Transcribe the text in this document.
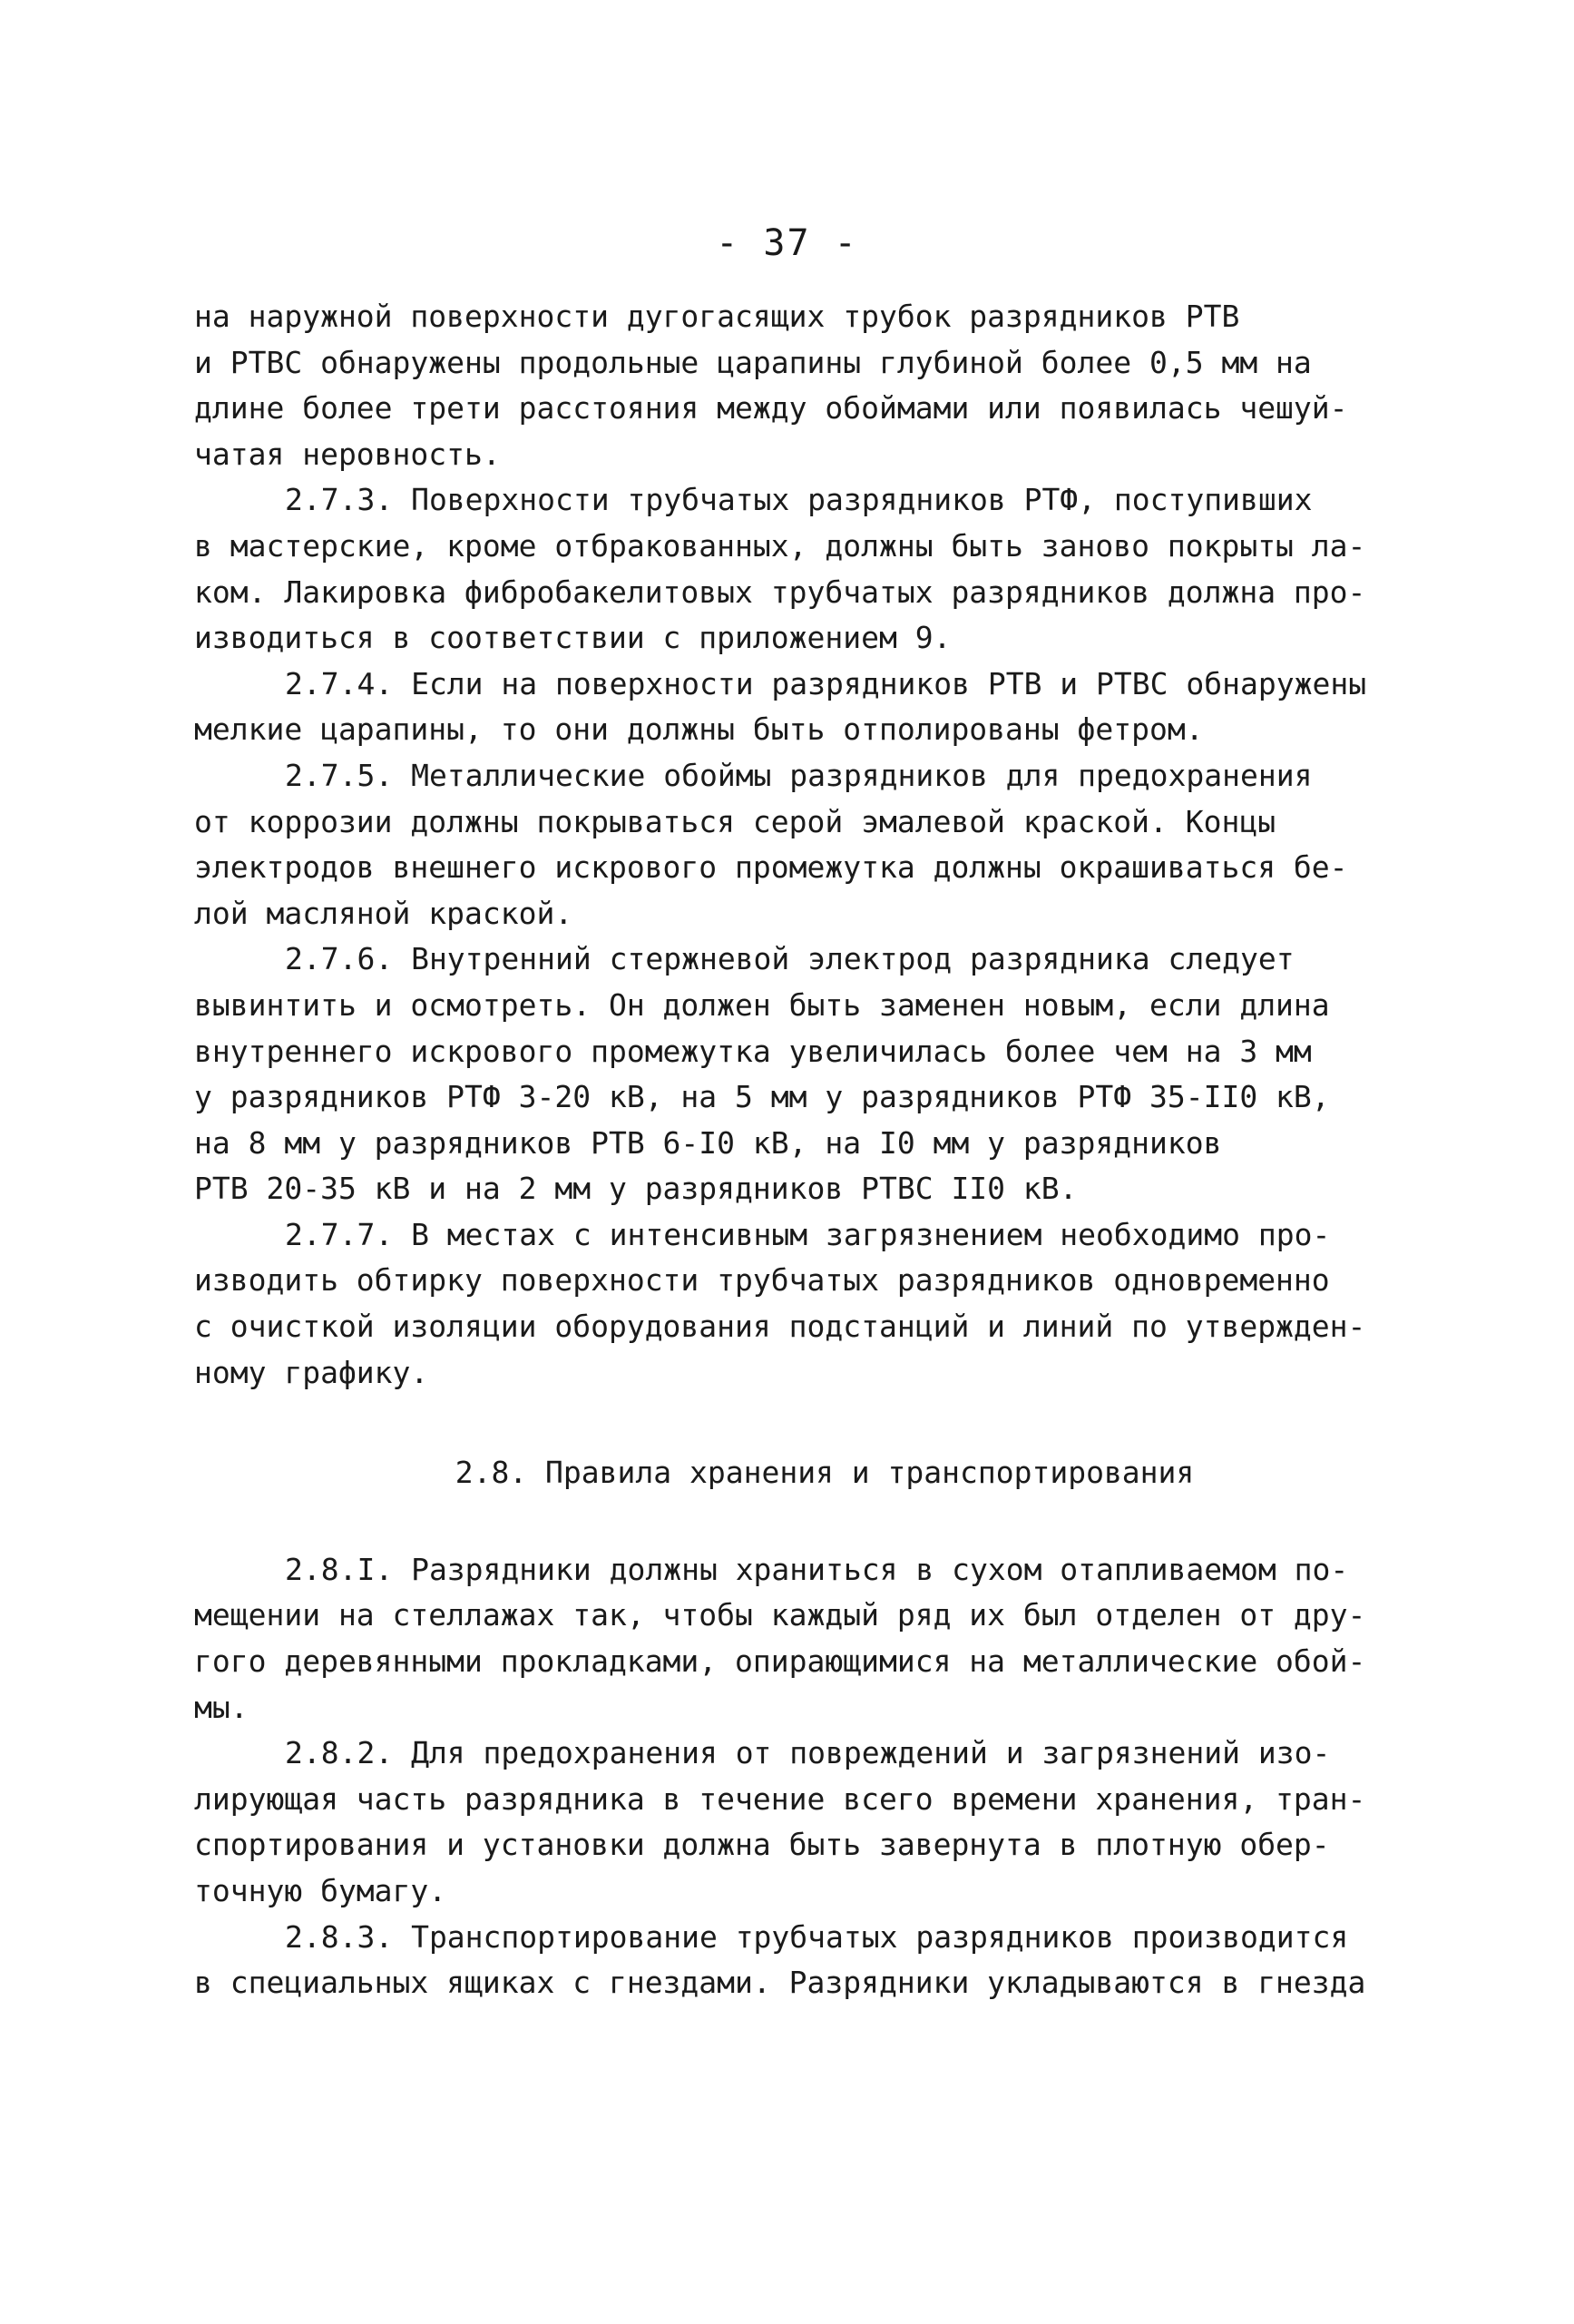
- 37 -
на наружной поверхности дугогасящих трубок разрядников РТВ
и РТВС обнаружены продольные царапины глубиной более 0,5 мм на
длине более трети расстояния между обоймами или появилась чешуй-
чатая неровность.
2.7.3. Поверхности трубчатых разрядников РТФ, поступивших
в мастерские, кроме отбракованных, должны быть заново покрыты ла-
ком. Лакировка фибробакелитовых трубчатых разрядников должна про-
изводиться в соответствии с приложением 9.
2.7.4. Если на поверхности разрядников РТВ и РТВС обнаружены
мелкие царапины, то они должны быть отполированы фетром.
2.7.5. Металлические обоймы разрядников для предохранения
от коррозии должны покрываться серой эмалевой краской. Концы
электродов внешнего искрового промежутка должны окрашиваться бе-
лой масляной краской.
2.7.6. Внутренний стержневой электрод разрядника следует
вывинтить и осмотреть. Он должен быть заменен новым, если длина
внутреннего искрового промежутка увеличилась более чем на 3 мм
у разрядников РТФ 3-20 кВ, на 5 мм у разрядников РТФ 35-II0 кВ,
на 8 мм у разрядников РТВ 6-I0 кВ, на I0 мм у разрядников
РТВ 20-35 кВ и на 2 мм у разрядников РТВС II0 кВ.
2.7.7. В местах с интенсивным загрязнением необходимо про-
изводить обтирку поверхности трубчатых разрядников одновременно
с очисткой изоляции оборудования подстанций и линий по утвержден-
ному графику.
2.8. Правила хранения и транспортирования
2.8.I. Разрядники должны храниться в сухом отапливаемом по-
мещении на стеллажах так, чтобы каждый ряд их был отделен от дру-
гого деревянными прокладками, опирающимися на металлические обой-
мы.
2.8.2. Для предохранения от повреждений и загрязнений изо-
лирующая часть разрядника в течение всего времени хранения, тран-
спортирования и установки должна быть завернута в плотную обер-
точную бумагу.
2.8.3. Транспортирование трубчатых разрядников производится
в специальных ящиках с гнездами. Разрядники укладываются в гнезда
